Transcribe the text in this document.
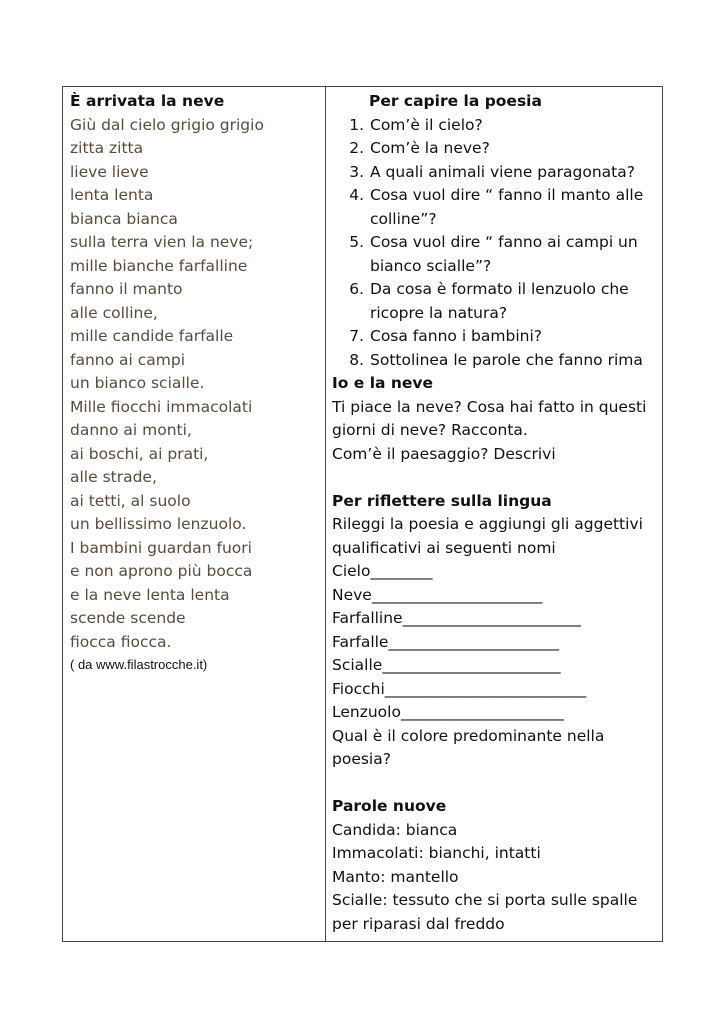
È arrivata la neve
Giù dal cielo grigio grigio
zitta zitta
lieve lieve
lenta lenta
bianca bianca
sulla terra vien la neve;
mille bianche farfalline
fanno il manto
alle colline,
mille candide farfalle
fanno ai campi
un bianco scialle.
Mille fiocchi immacolati
danno ai monti,
ai boschi, ai prati,
alle strade,
ai tetti, al suolo
un bellissimo lenzuolo.
I bambini guardan fuori
e non aprono più bocca
e la neve lenta lenta
scende scende
fiocca fiocca.
( da www.filastrocche.it)
Per capire la poesia
1. Com’è il cielo?
2. Com’è la neve?
3. A quali animali viene paragonata?
4. Cosa vuol dire “ fanno il manto alle
colline”?
5. Cosa vuol dire “ fanno ai campi un
bianco scialle”?
6. Da cosa è formato il lenzuolo che
ricopre la natura?
7. Cosa fanno i bambini?
8. Sottolinea le parole che fanno rima
Io e la neve
Ti piace la neve? Cosa hai fatto in questi
giorni di neve? Racconta.
Com’è il paesaggio? Descrivi
Per riflettere sulla lingua
Rileggi la poesia e aggiungi gli aggettivi
qualificativi ai seguenti nomi
Cielo________
Neve______________________
Farfalline_______________________
Farfalle______________________
Scialle_______________________
Fiocchi__________________________
Lenzuolo_____________________
Qual è il colore predominante nella
poesia?
Parole nuove
Candida: bianca
Immacolati: bianchi, intatti
Manto: mantello
Scialle: tessuto che si porta sulle spalle
per riparasi dal freddo
